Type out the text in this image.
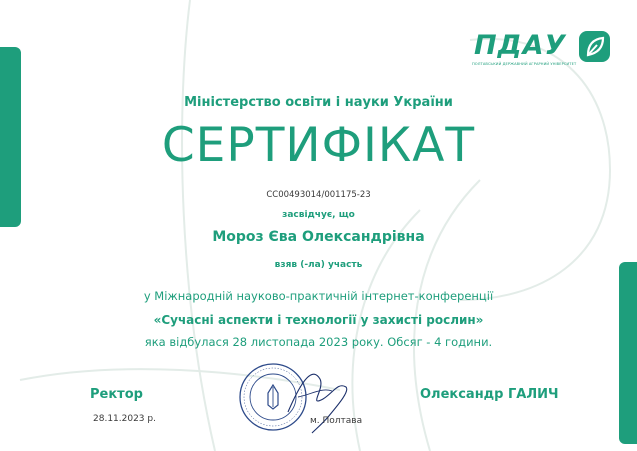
ПДАУ
ПОЛТАВСЬКИЙ ДЕРЖАВНИЙ АГРАРНИЙ УНІВЕРСИТЕТ
Міністерство освіти і науки України
СЕРТИФІКАТ
CC00493014/001175-23
засвідчує, що
Мороз Єва Олександрівна
взяв (-ла) участь
у Міжнародній науково-практичній інтернет-конференції
«Сучасні аспекти і технології у захисті рослин»
яка відбулася 28 листопада 2023 року. Обсяг - 4 години.
Ректор
28.11.2023 р.
Олександр ГАЛИЧ
м. Полтава
